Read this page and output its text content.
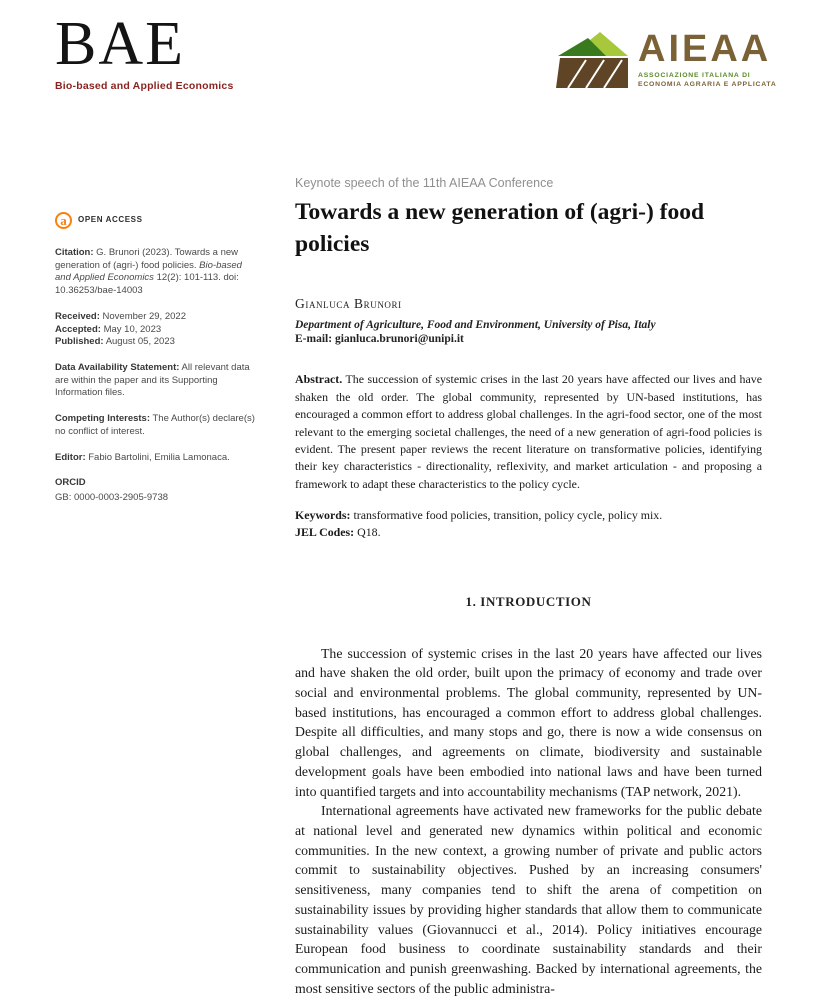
BAE
Bio-based and Applied Economics
AIEAA
ASSOCIAZIONE ITALIANA DI
ECONOMIA AGRARIA E APPLICATA
a	OPEN ACCESS

Citation: G. Brunori (2023). Towards a new generation of (agri-) food policies. Bio-based and Applied Economics 12(2): 101-113. doi: 10.36253/bae-14003

Received: November 29, 2022
Accepted: May 10, 2023
Published: August 05, 2023

Data Availability Statement: All relevant data are within the paper and its Supporting Information files.

Competing Interests: The Author(s) declare(s) no conflict of interest.

Editor: Fabio Bartolini, Emilia Lamonaca.

ORCID
GB: 0000-0003-2905-9738

Keynote speech of the 11th AIEAA Conference
Towards a new generation of (agri-) food policies
Gianluca Brunori
Department of Agriculture, Food and Environment, University of Pisa, Italy
E-mail: gianluca.brunori@unipi.it

Abstract. The succession of systemic crises in the last 20 years have affected our lives and have shaken the old order. The global community, represented by UN-based institutions, has encouraged a common effort to address global challenges. In the agri-food sector, one of the most relevant to the emerging societal challenges, the need of a new generation of agri-food policies is evident. The present paper reviews the recent literature on transformative policies, identifying their key characteristics - directionality, reflexivity, and market articulation - and proposing a framework to adapt these characteristics to the policy cycle.

Keywords: transformative food policies, transition, policy cycle, policy mix.
JEL Codes: Q18.

1. INTRODUCTION

The succession of systemic crises in the last 20 years have affected our lives and have shaken the old order, built upon the primacy of economy and trade over social and environmental problems. The global community, represented by UN-based institutions, has encouraged a common effort to address global challenges. Despite all difficulties, and many stops and go, there is now a wide consensus on global challenges, and agreements on climate, biodiversity and sustainable development goals have been embodied into national laws and have been turned into quantified targets and into accountability mechanisms (TAP network, 2021).

International agreements have activated new frameworks for the public debate at national level and generated new dynamics within political and economic communities. In the new context, a growing number of private and public actors commit to sustainability objectives. Pushed by an increasing consumers' sensitiveness, many companies tend to shift the arena of competition on sustainability issues by providing higher standards that allow them to communicate sustainability values (Giovannucci et al., 2014). Policy initiatives encourage European food business to coordinate sustainability standards and their communication and punish greenwashing. Backed by international agreements, the most sensitive sectors of the public administra-
